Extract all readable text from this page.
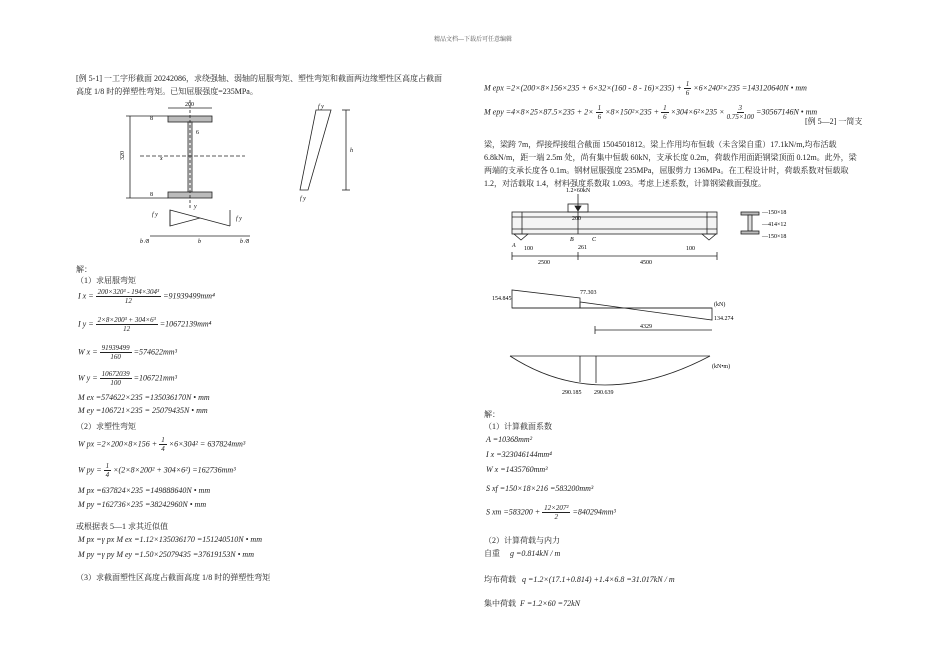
精品文档---下载后可任意编辑
[例 5-1] 一工字形截面 20242086，求绕强轴、弱轴的屈服弯矩、塑性弯矩和截面两边缘塑性区高度占截面
高度 1/8 时的弹塑性弯矩。已知屈服强度=235MPa。
200
6
8
8
320	x
y
f y
f y
h
f y
f y
b /8	b	b /8
解：
（1）求屈服弯矩
I $x = \frac{\text{200×320³ - 194×304³}}{12} =91939499mm^4$
I $y = \frac{\text{2×8×200³ + 304×6³}}{12} =10672139mm^4$
W $x = \frac{91939499}{160} =574622mm^3$
W $y = \frac{10672039}{100} =106721mm^3$
M ex =574622×235 =135036170N • mm
M ey =106721×235 = 25079435N • mm
（2）求塑性弯矩
W px $=2\times 200\times 8\times 156 + \frac{1}{4} \times 6\times 304^2 = 637824mm^3$
W py = $\frac{1}{4} \times(2\times 8\times 200^2 + 304\times 6^2) =162736mm^3$
M px =637824×235 =149888640N • mm
M py =162736×235 =38242960N • mm
或根据表 5—1 求其近似值
M px =γ px M ex =1.12×135036170 =151240510N • mm
M py =γ py M ey =1.50×25079435 =37619153N • mm
（3）求截面塑性区高度占截面高度 1/8 时的弹塑性弯矩
M epx $=2\times(200\times 8\times 156\times 235 + 6\times 32\times(160 - 8 - 16)\times 235) + \frac{1}{6} \times 6\times 240^2\times 235 =143120640N$ • mm
M epy $=4\times 8\times 25\times 87.5\times 235 + 2\times \frac{1}{6} \times 8\times 150^2\times 235 + \frac{1}{6} \times 304\times 6^2\times 235 \times \frac{3}{0.75\times 100} =30567146N$ • mm
[例 5—2] 一简支
梁，梁跨 7m，焊接焊接组合截面 1504501812。梁上作用均布恒载（未含梁自重）17.1kN/m,均布活载
6.8kN/m，距一端 2.5m 处，尚有集中恒载 60kN，支承长度 0.2m，荷载作用面距钢梁顶面 0.12m。此外，梁
两端的支承长度各 0.1m。钢材屈服强度 235MPa，屈服剪力 136MPa。在工程设计时，荷载系数对恒载取
1.2，对活载取 1.4，材料强度系数取 1.093。考虑上述系数，计算钢梁截面强度。
1.2×60kN
200
A
B	C
100	261	100
2500	4500
—150×18
—414×12
—150×18
154.845
77.303
134.274
4329
(kN)
290.185 290.639
(kN•m)
解：
（1）计算截面系数
A =10368mm²
I x =323046144mm⁴
W x =1435760mm³
S xf =150×18×216 =583200mm³
S xm $=583200 + \frac{\text{12×207²}}{2} =840294mm^3$
（2）计算荷载与内力
自重 g =0.814kN / m
均布荷载 q =1.2×(17.1+0.814) +1.4×6.8 =31.017kN / m
集中荷载 F =1.2×60 =72kN
